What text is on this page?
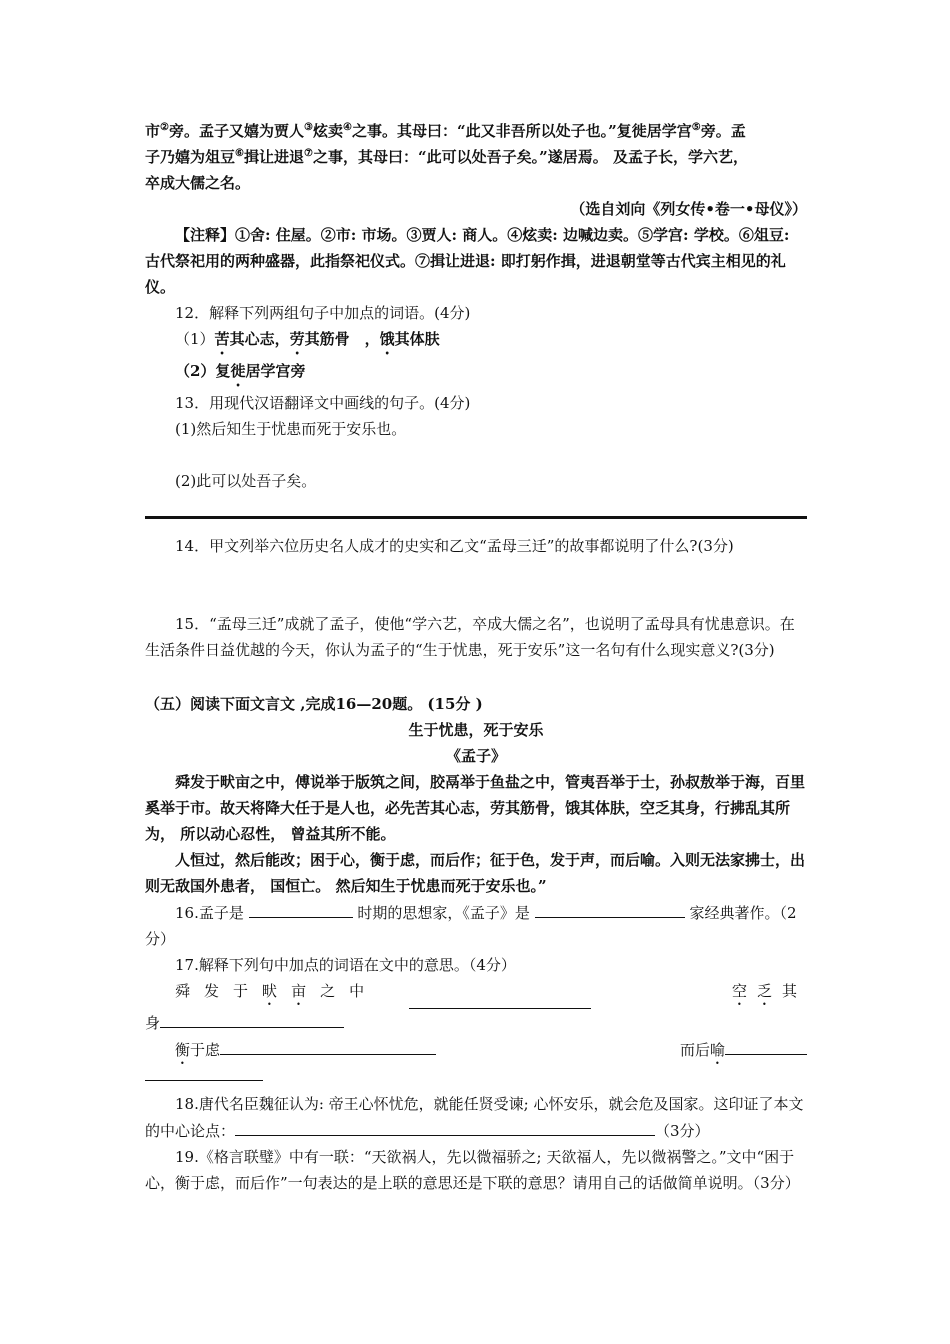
市②旁。孟子又嬉为贾人③炫卖④之事。其母曰：“此又非吾所以处子也。”复徙居学宫⑤旁。孟

子乃嬉为俎豆⑥揖让进退⑦之事，其母曰：“此可以处吾子矣。”遂居焉。 及孟子长，学六艺，

卒成大儒之名。

（选自刘向《列女传•卷一•母仪》）

【注释】①舍: 住屋。②市: 市场。③贾人: 商人。④炫卖: 边喊边卖。⑤学宫: 学校。⑥俎豆: 古代祭祀用的两种盛器，此指祭祀仪式。⑦揖让进退: 即打躬作揖，进退朝堂等古代宾主相见的礼仪。

12．解释下列两组句子中加点的词语。(4分)

（1）苦其心志，劳其筋骨　，饿其体肤

（2）复徙居学宫旁

13．用现代汉语翻译文中画线的句子。(4分)

(1)然后知生于忧患而死于安乐也。

(2)此可以处吾子矣。

14．甲文列举六位历史名人成才的史实和乙文“孟母三迁”的故事都说明了什么?(3分)

15．“孟母三迁”成就了孟子，使他“学六艺，卒成大儒之名”，也说明了孟母具有忧患意识。在生活条件日益优越的今天，你认为孟子的“生于忧患，死于安乐”这一名句有什么现实意义?(3分)

（五）阅读下面文言文 ,完成16—20题。 (15分 )

生于忧患，死于安乐

《孟子》

舜发于畎亩之中，傅说举于版筑之间，胶鬲举于鱼盐之中，管夷吾举于士，孙叔敖举于海，百里奚举于市。故天将降大任于是人也，必先苦其心志，劳其筋骨，饿其体肤，空乏其身，行拂乱其所为， 所以动心忍性， 曾益其所不能。

人恒过，然后能改；困于心，衡于虑，而后作；征于色，发于声，而后喻。入则无法家拂士，出则无敌国外患者， 国恒亡。 然后知生于忧患而死于安乐也。”

16.孟子是	时期的思想家，《孟子》是	家经典著作。（2分）

17.解释下列句中加点的词语在文中的意思。（4分）

舜发于畎亩之中	空乏其

身

衡于虑	而后喻

18.唐代名臣魏征认为: 帝王心怀忧危，就能任贤受谏; 心怀安乐，就会危及国家。这印证了本文的中心论点：	（3分）

19.《格言联璧》中有一联：“天欲祸人，先以微福骄之; 天欲福人，先以微祸警之。”文中“困于心，衡于虑，而后作”一句表达的是上联的意思还是下联的意思？请用自己的话做简单说明。（3分）
